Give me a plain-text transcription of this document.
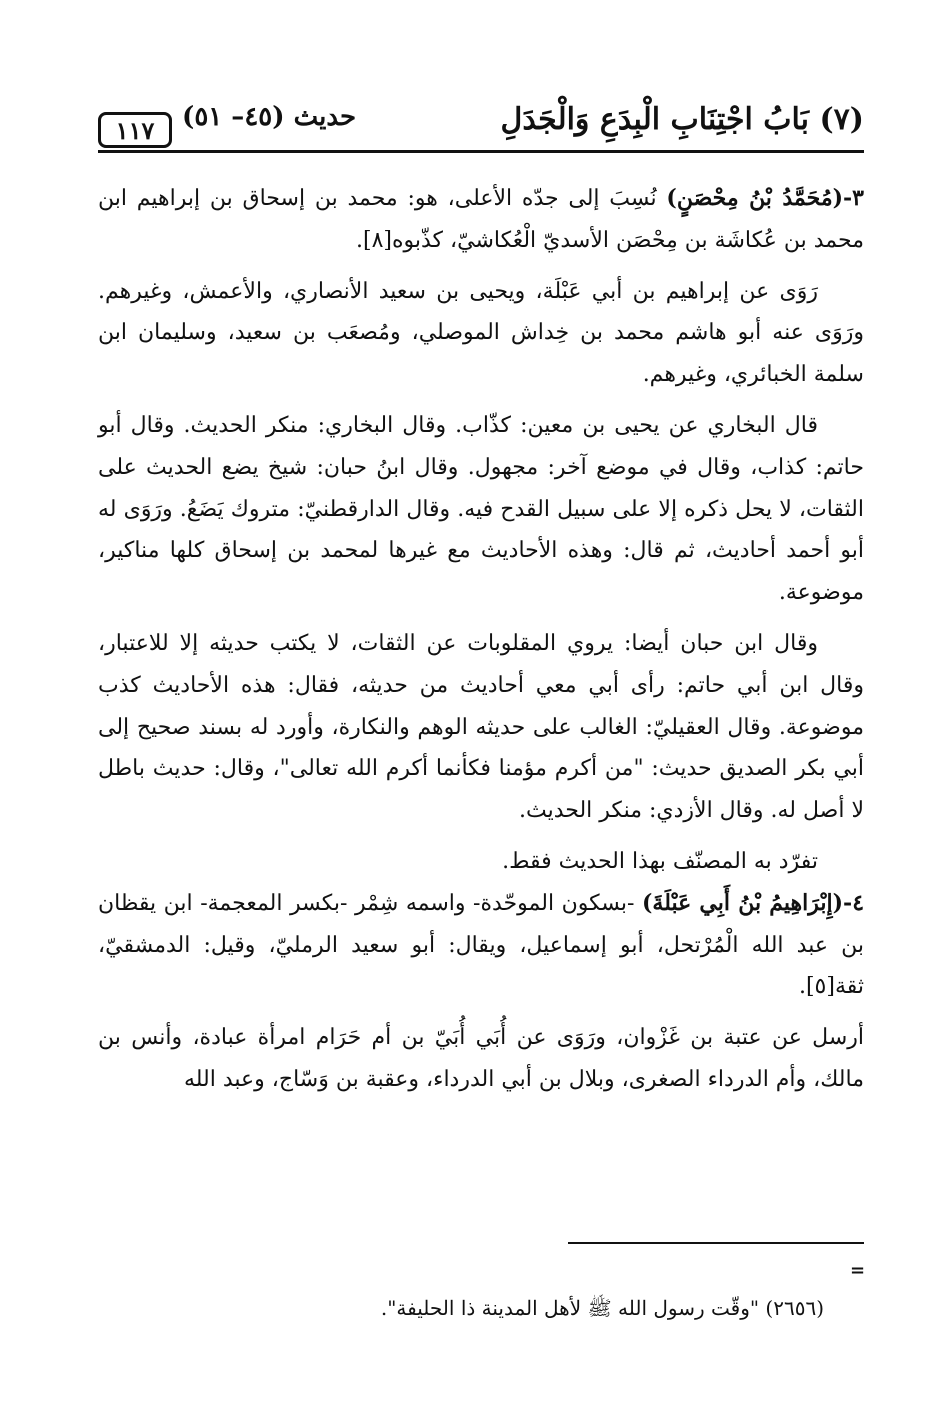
(٧) بَابُ اجْتِنَابِ الْبِدَعِ وَالْجَدَلِ
حديث (٤٥– ٥١)
١١٧

٣-(مُحَمَّدُ بْنُ مِحْصَنٍ) نُسِبَ إلى جدّه الأعلى، هو: محمد بن إسحاق بن إبراهيم ابن محمد بن عُكاشَة بن مِحْصَن الأسديّ الْعُكاشيّ، كذّبوه[٨].

رَوَى عن إبراهيم بن أبي عَبْلَة، ويحيى بن سعيد الأنصاري، والأعمش، وغيرهم. ورَوَى عنه أبو هاشم محمد بن خِداش الموصلي، ومُصعَب بن سعيد، وسليمان ابن سلمة الخبائري، وغيرهم.

قال البخاري عن يحيى بن معين: كذّاب. وقال البخاري: منكر الحديث. وقال أبو حاتم: كذاب، وقال في موضع آخر: مجهول. وقال ابنُ حبان: شيخ يضع الحديث على الثقات، لا يحل ذكره إلا على سبيل القدح فيه. وقال الدارقطنيّ: متروك يَضَعُ. ورَوَى له أبو أحمد أحاديث، ثم قال: وهذه الأحاديث مع غيرها لمحمد بن إسحاق كلها مناكير، موضوعة.

وقال ابن حبان أيضا: يروي المقلوبات عن الثقات، لا يكتب حديثه إلا للاعتبار، وقال ابن أبي حاتم: رأى أبي معي أحاديث من حديثه، فقال: هذه الأحاديث كذب موضوعة. وقال العقيليّ: الغالب على حديثه الوهم والنكارة، وأورد له بسند صحيح إلى أبي بكر الصديق حديث: "من أكرم مؤمنا فكأنما أكرم الله تعالى"، وقال: حديث باطل لا أصل له. وقال الأزدي: منكر الحديث.

تفرّد به المصنّف بهذا الحديث فقط.

٤-(إِبْرَاهِيمُ بْنُ أَبِي عَبْلَةَ) -بسكون الموحّدة- واسمه شِمْر -بكسر المعجمة- ابن يقظان بن عبد الله الْمُرْتحل، أبو إسماعيل، ويقال: أبو سعيد الرمليّ، وقيل: الدمشقيّ، ثقة[٥].

أرسل عن عتبة بن غَزْوان، ورَوَى عن أُبَي أُبَيّ بن أم حَرَام امرأة عبادة، وأنس بن مالك، وأم الدرداء الصغرى، وبلال بن أبي الدرداء، وعقبة بن وَسّاج، وعبد الله

=
(٢٦٥٦) "وقّت رسول الله ﷺ لأهل المدينة ذا الحليفة".
